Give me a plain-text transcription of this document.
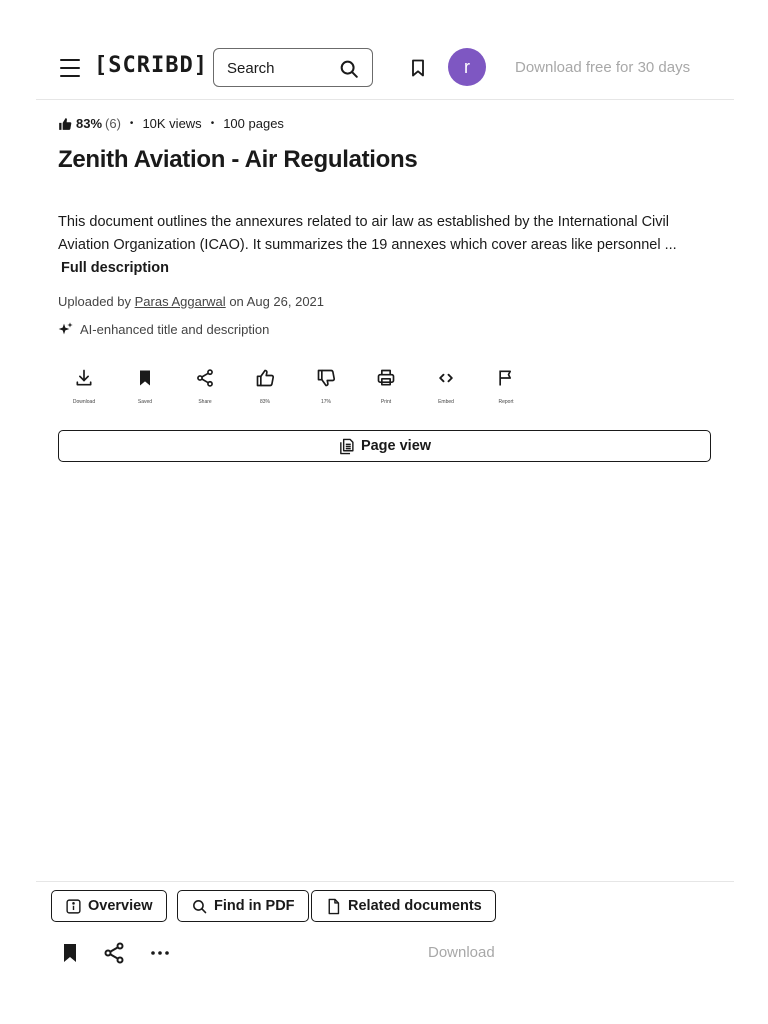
[SCRIBD]
Search	r	Download free for 30 days
83% (6) • 10K views • 100 pages
Zenith Aviation - Air Regulations

This document outlines the annexures related to air law as established by the International Civil Aviation Organization (ICAO). It summarizes the 19 annexes which cover areas like personnel ...

Full description
Uploaded by Paras Aggarwal on Aug 26, 2021
AI-enhanced title and description
Download	Saved	Share	83%	17%	Print	Embed	Report
Page view
Overview	Find in PDF	Related documents
Download
